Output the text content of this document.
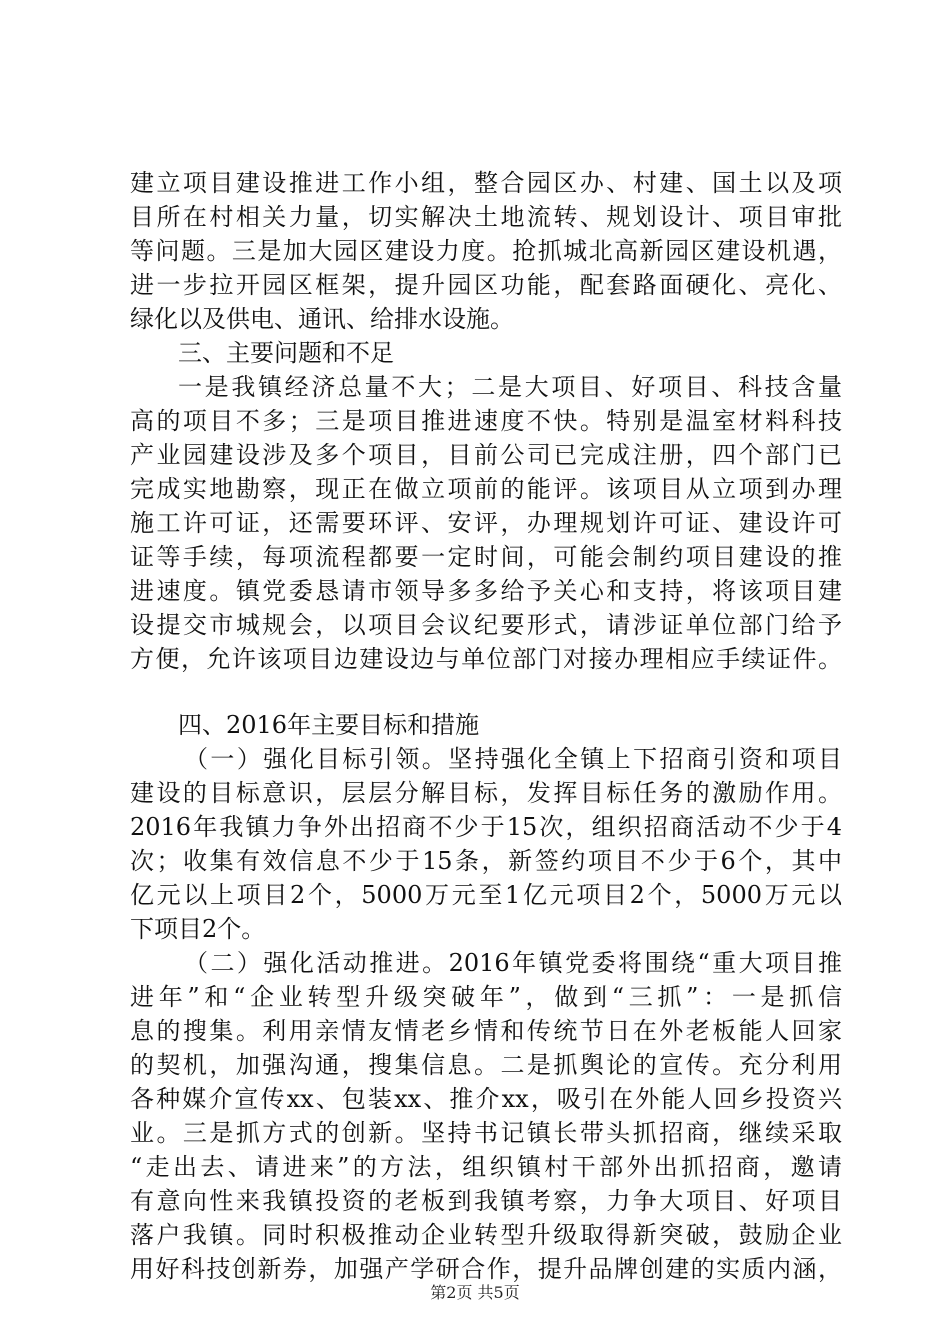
建立项目建设推进工作小组，整合园区办、村建、国土以及项
目所在村相关力量，切实解决土地流转、规划设计、项目审批
等问题。三是加大园区建设力度。抢抓城北高新园区建设机遇，
进一步拉开园区框架，提升园区功能，配套路面硬化、亮化、
绿化以及供电、通讯、给排水设施。
三、主要问题和不足
一是我镇经济总量不大；二是大项目、好项目、科技含量
高的项目不多；三是项目推进速度不快。特别是温室材料科技
产业园建设涉及多个项目，目前公司已完成注册，四个部门已
完成实地勘察，现正在做立项前的能评。该项目从立项到办理
施工许可证，还需要环评、安评，办理规划许可证、建设许可
证等手续，每项流程都要一定时间，可能会制约项目建设的推
进速度。镇党委恳请市领导多多给予关心和支持，将该项目建
设提交市城规会，以项目会议纪要形式，请涉证单位部门给予
方便，允许该项目边建设边与单位部门对接办理相应手续证件。
四、2016年主要目标和措施
（一）强化目标引领。坚持强化全镇上下招商引资和项目
建设的目标意识，层层分解目标，发挥目标任务的激励作用。
2016年我镇力争外出招商不少于15次，组织招商活动不少于4
次；收集有效信息不少于15条，新签约项目不少于6个，其中
亿元以上项目2个，5000万元至1亿元项目2个，5000万元以
下项目2个。
（二）强化活动推进。2016年镇党委将围绕“重大项目推
进年”和“企业转型升级突破年”，做到“三抓”：一是抓信
息的搜集。利用亲情友情老乡情和传统节日在外老板能人回家
的契机，加强沟通，搜集信息。二是抓舆论的宣传。充分利用
各种媒介宣传xx、包装xx、推介xx，吸引在外能人回乡投资兴
业。三是抓方式的创新。坚持书记镇长带头抓招商，继续采取
“走出去、请进来”的方法，组织镇村干部外出抓招商，邀请
有意向性来我镇投资的老板到我镇考察，力争大项目、好项目
落户我镇。同时积极推动企业转型升级取得新突破，鼓励企业
用好科技创新券，加强产学研合作，提升品牌创建的实质内涵，
第2页 共5页
